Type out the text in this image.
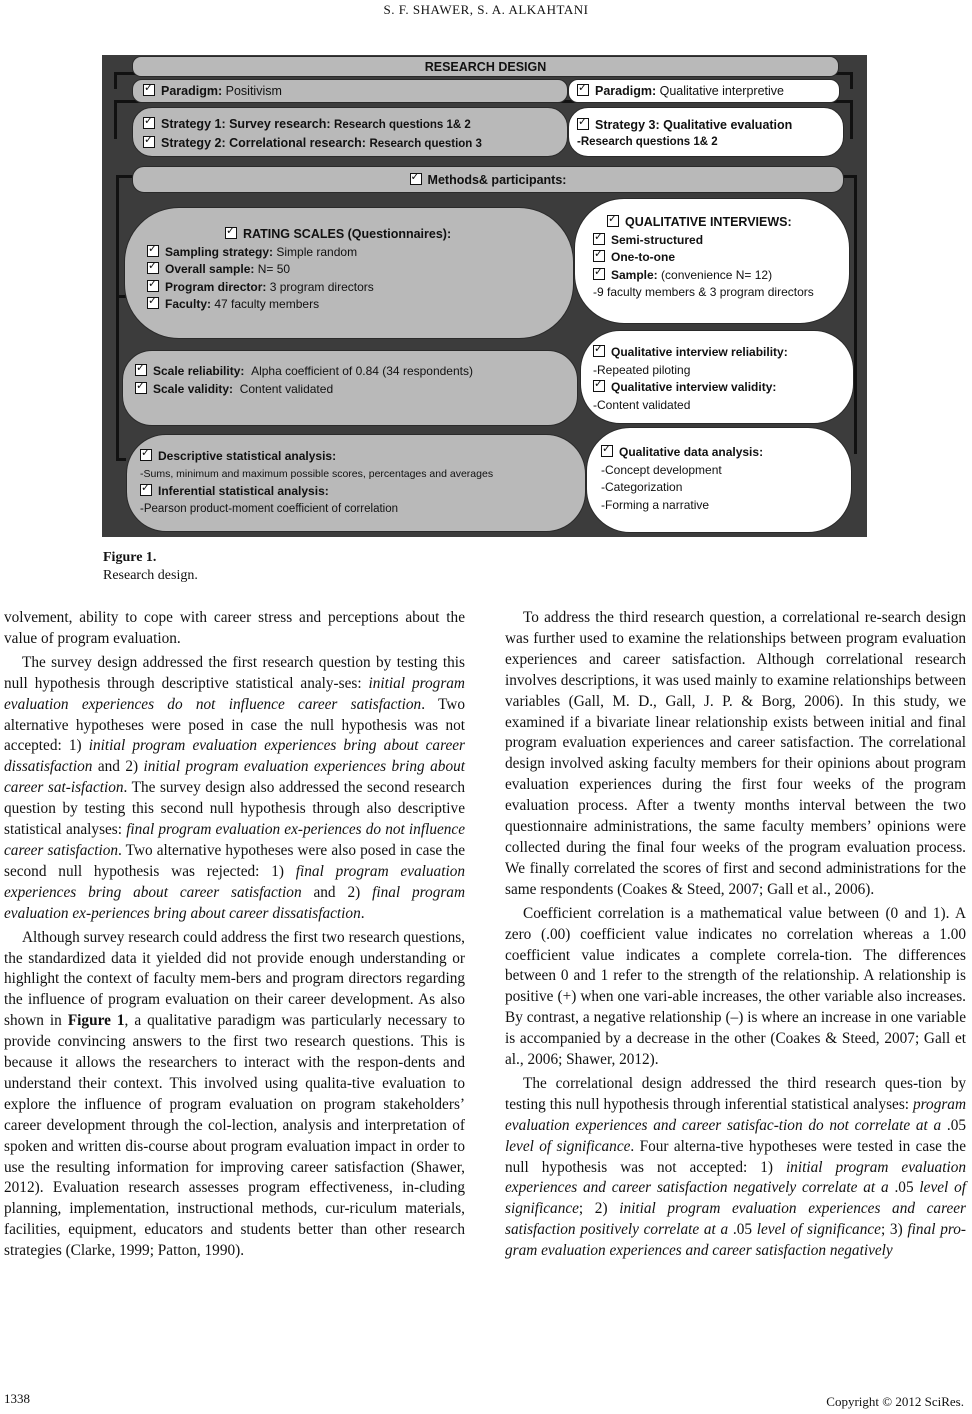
S. F. SHAWER, S. A. ALKAHTANI
RESEARCH DESIGN
✓Paradigm: Positivism
✓	Paradigm: Qualitative interpretive
✓Strategy 1: Survey research: Research questions 1& 2
✓Strategy 2: Correlational research: Research question 3
✓Strategy 3: Qualitative evaluation
-Research questions 1& 2
✓Methods& participants:
✓RATING SCALES (Questionnaires):
✓Sampling strategy: Simple random
✓Overall sample: N= 50
✓Program director: 3 program directors
✓Faculty: 47 faculty members
✓QUALITATIVE INTERVIEWS:
✓Semi-structured
✓One-to-one
✓Sample: (convenience N= 12)
-9 faculty members & 3 program directors
✓Scale reliability: Alpha coefficient of 0.84 (34 respondents)
✓Scale validity: Content validated
✓Qualitative interview reliability:
-Repeated piloting
✓Qualitative interview validity:
-Content validated
✓Descriptive statistical analysis:
-Sums, minimum and maximum possible scores, percentages and averages
✓Inferential statistical analysis:
-Pearson product-moment coefficient of correlation
✓Qualitative data analysis:
-Concept development
-Categorization
-Forming a narrative
Figure 1.
Research design.

volvement, ability to cope with career stress and perceptions about the value of program evaluation.

The survey design addressed the first research question by testing this null hypothesis through descriptive statistical analy-ses: initial program evaluation experiences do not influence career satisfaction. Two alternative hypotheses were posed in case the null hypothesis was not accepted: 1) initial program evaluation experiences bring about career dissatisfaction and 2) initial program evaluation experiences bring about career sat-isfaction. The survey design also addressed the second research question by testing this second null hypothesis through also descriptive statistical analyses: final program evaluation ex-periences do not influence career satisfaction. Two alternative hypotheses were also posed in case the second null hypothesis was rejected: 1) final program evaluation experiences bring about career satisfaction and 2) final program evaluation ex-periences bring about career dissatisfaction.

Although survey research could address the first two research questions, the standardized data it yielded did not provide enough understanding or highlight the context of faculty mem-bers and program directors regarding the influence of program evaluation on their career development. As also shown in Figure 1, a qualitative paradigm was particularly necessary to provide convincing answers to the first two research questions. This is because it allows the researchers to interact with the respon-dents and understand their context. This involved using qualita-tive evaluation to explore the influence of program evaluation on program stakeholders’ career development through the col-lection, analysis and interpretation of spoken and written dis-course about program evaluation impact in order to use the resulting information for improving career satisfaction (Shawer, 2012). Evaluation research assesses program effectiveness, in-cluding planning, implementation, instructional methods, cur-riculum materials, facilities, equipment, educators and students better than other research strategies (Clarke, 1999; Patton, 1990).

To address the third research question, a correlational re-search design was further used to examine the relationships between program evaluation experiences and career satisfaction. Although correlational research involves descriptions, it was used mainly to examine relationships between variables (Gall, M. D., Gall, J. P. & Borg, 2006). In this study, we examined if a bivariate linear relationship exists between initial and final program evaluation experiences and career satisfaction. The correlational design involved asking faculty members for their opinions about program evaluation experiences during the first four weeks of the program evaluation process. After a twenty months interval between the two questionnaire administrations, the same faculty members’ opinions were collected during the final four weeks of the program evaluation process. We finally correlated the scores of first and second administrations for the same respondents (Coakes & Steed, 2007; Gall et al., 2006).

Coefficient correlation is a mathematical value between (0 and 1). A zero (.00) coefficient value indicates no correlation whereas a 1.00 coefficient value indicates a complete correla-tion. The differences between 0 and 1 refer to the strength of the relationship. A relationship is positive (+) when one vari-able increases, the other variable also increases. By contrast, a negative relationship (–) is where an increase in one variable is accompanied by a decrease in the other (Coakes & Steed, 2007; Gall et al., 2006; Shawer, 2012).

The correlational design addressed the third research ques-tion by testing this null hypothesis through inferential statistical analyses: program evaluation experiences and career satisfac-tion do not correlate at a .05 level of significance. Four alterna-tive hypotheses were tested in case the null hypothesis was not accepted: 1) initial program evaluation experiences and career satisfaction negatively correlate at a .05 level of significance; 2) initial program evaluation experiences and career satisfaction positively correlate at a .05 level of significance; 3) final pro-gram evaluation experiences and career satisfaction negatively

1338	Copyright © 2012 SciRes.
